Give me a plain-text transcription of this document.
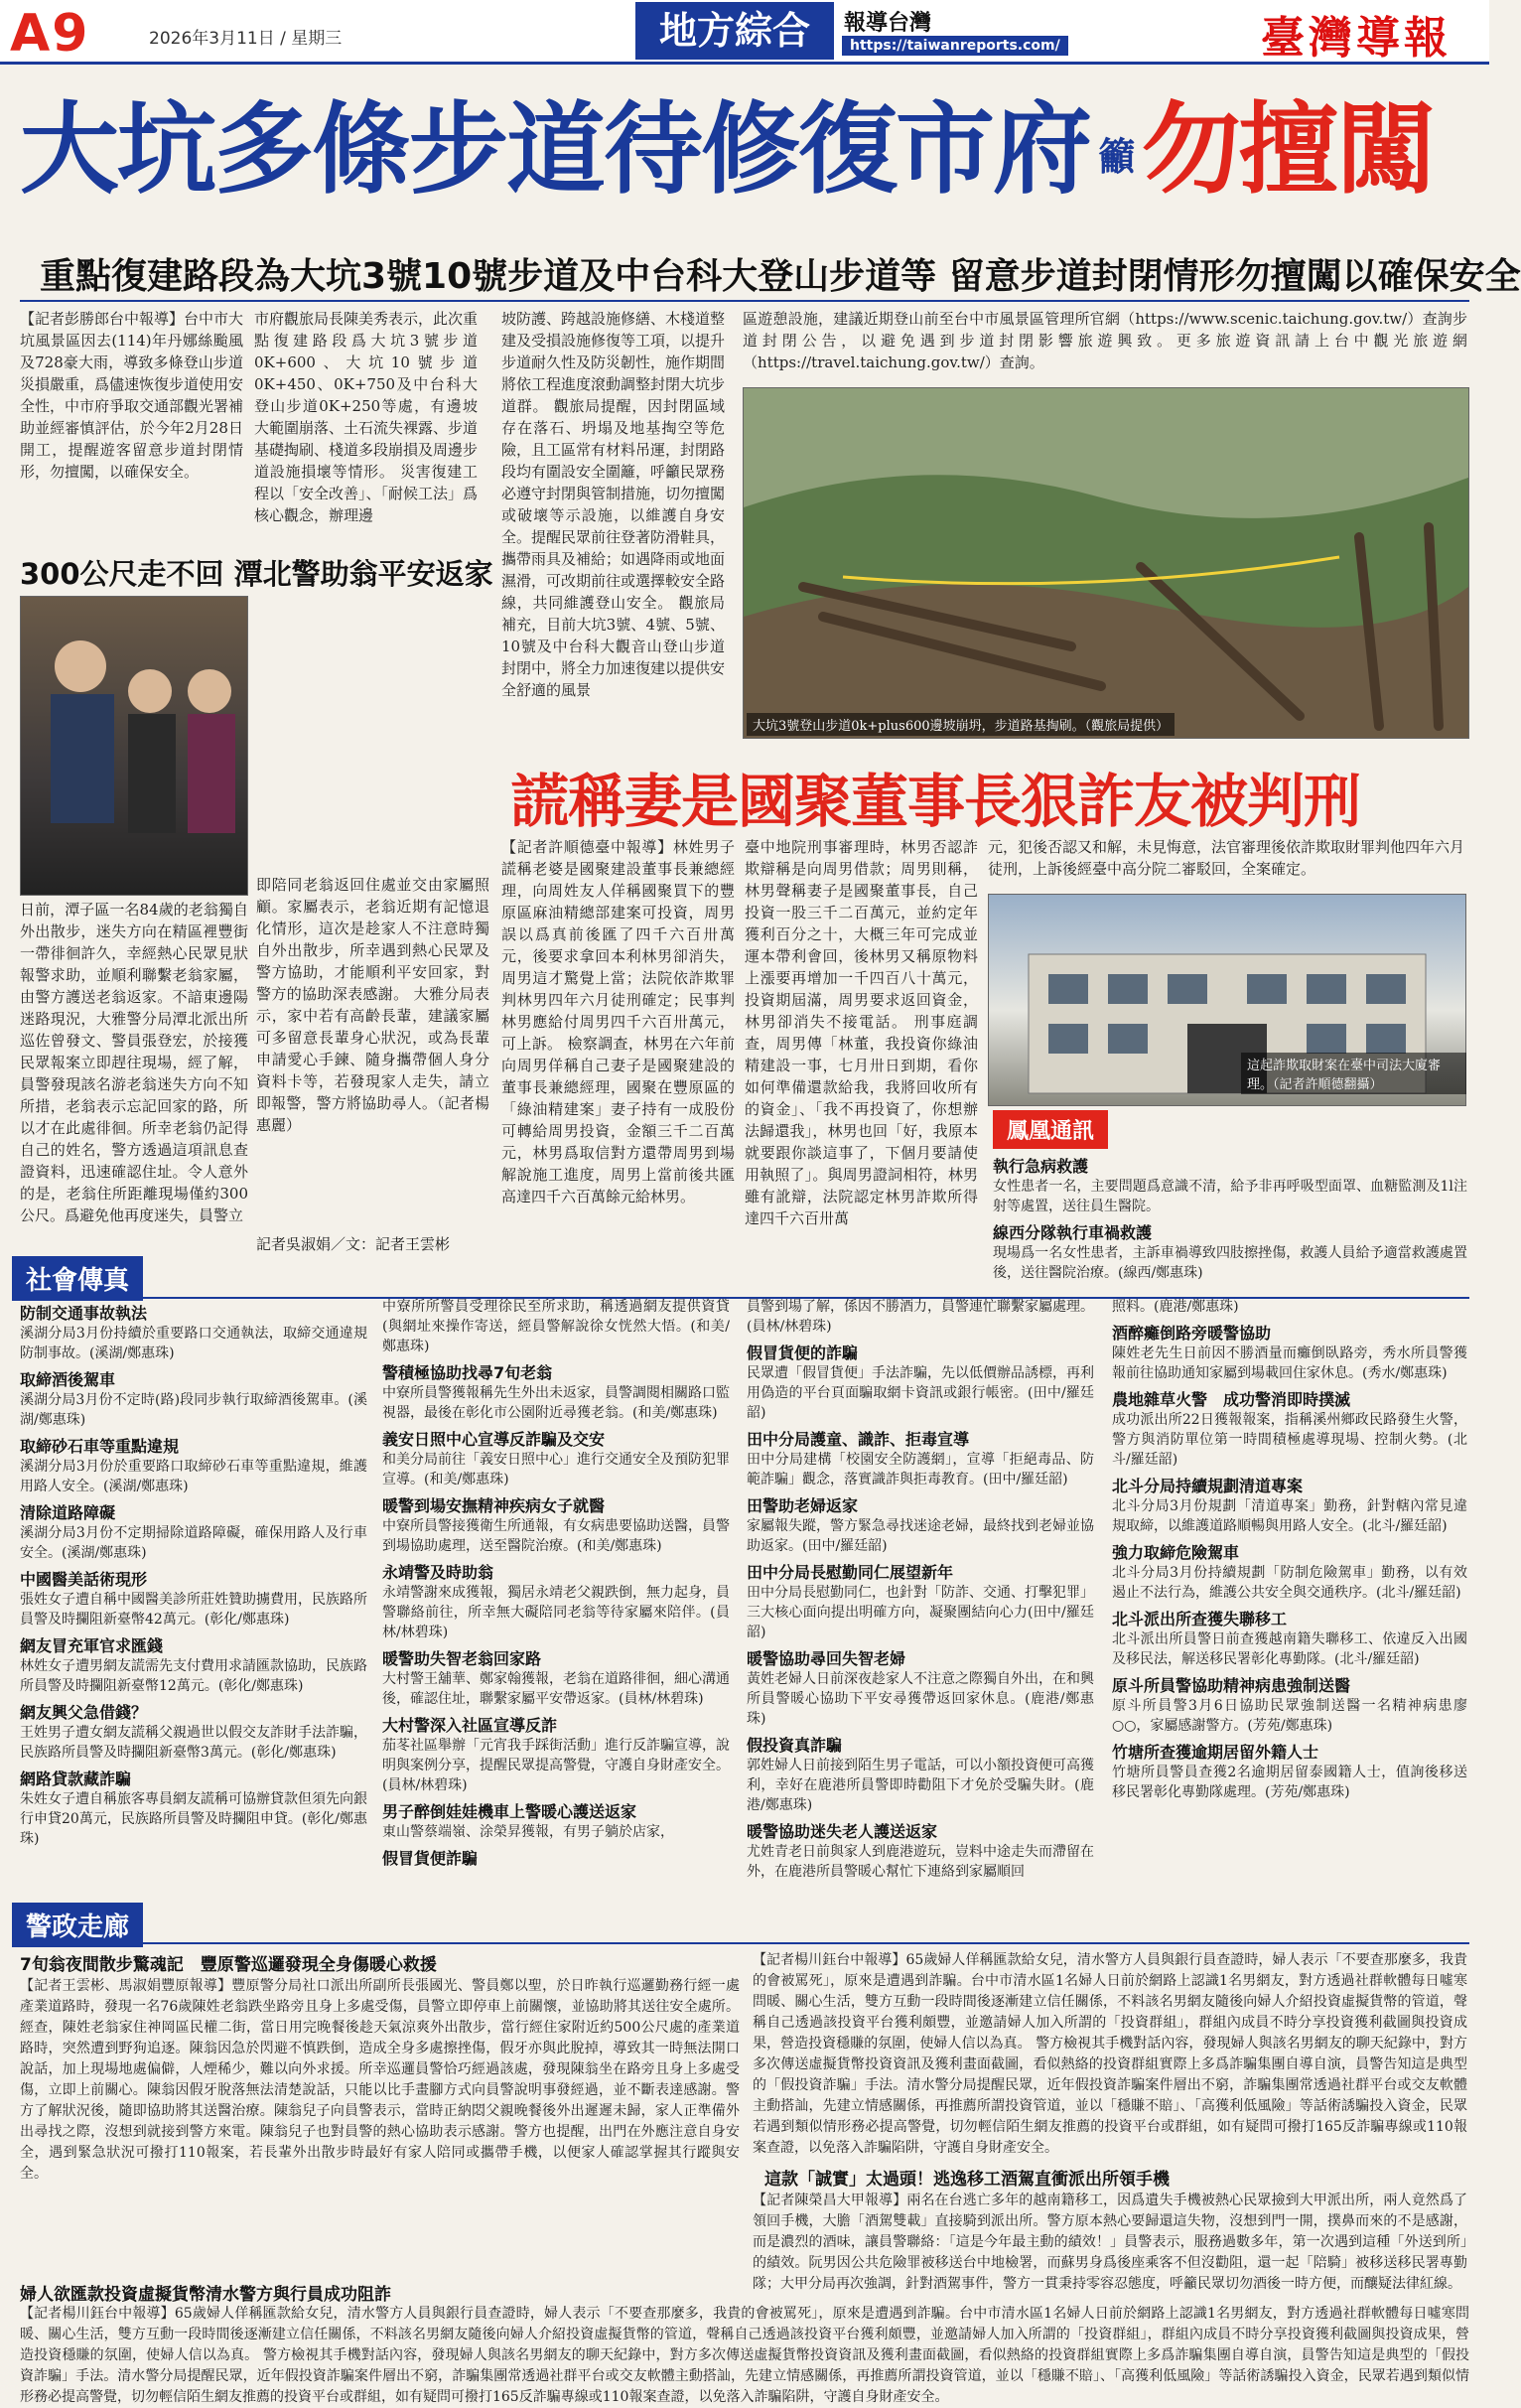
A9	2026年3月11日 / 星期三	地方綜合	報導台灣
https://taiwanreports.com/	臺灣導報
大坑多條步道待修復市府 籲勿擅闖
重點復建路段為大坑3號10號步道及中台科大登山步道等 留意步道封閉情形勿擅闖以確保安全
【記者彭勝郎台中報導】台中市大坑風景區因去(114)年丹娜絲颱風及728豪大雨，導致多條登山步道災損嚴重，爲儘速恢復步道使用安全性，中市府爭取交通部觀光署補助並經審慎評估，於今年2月28日開工，提醒遊客留意步道封閉情形，勿擅闖，以確保安全。
市府觀旅局長陳美秀表示，此次重點復建路段爲大坑3號步道0K+600、大坑10號步道0K+450、0K+750及中台科大登山步道0K+250等處，有邊坡大範圍崩落、土石流失裸露、步道基礎掏刷、棧道多段崩損及周邊步道設施損壞等情形。 災害復建工程以「安全改善」、「耐候工法」爲核心觀念，辦理邊
坡防護、跨越設施修繕、木棧道整建及受損設施修復等工項，以提升步道耐久性及防災韌性，施作期間將依工程進度滾動調整封閉大坑步道群。 觀旅局提醒，因封閉區域存在落石、坍塌及地基掏空等危險，且工區常有材料吊運，封閉路段均有圍設安全圍籬，呼籲民眾務必遵守封閉與管制措施，切勿擅闖或破壞等示設施，以維護自身安全。提醒民眾前往登著防滑鞋具，攜帶雨具及補給；如遇降雨或地面濕滑，可改期前往或選擇較安全路線，共同維護登山安全。 觀旅局補充，目前大坑3號、4號、5號、10號及中台科大觀音山登山步道封閉中，將全力加速復建以提供安全舒適的風景
區遊憩設施，建議近期登山前至台中市風景區管理所官網（https://www.scenic.taichung.gov.tw/）查詢步道封閉公告，以避免遇到步道封閉影響旅遊興致。更多旅遊資訊請上台中觀光旅遊網（https://travel.taichung.gov.tw/）查詢。
大坑3號登山步道0k+plus600邊坡崩坍，步道路基掏刷。（觀旅局提供）
300公尺走不回 潭北警助翁平安返家
日前，潭子區一名84歲的老翁獨自外出散步，迷失方向在精區裡豐街一帶徘徊許久，幸經熱心民眾見狀報警求助，並順利聯繫老翁家屬，由警方護送老翁返家。不諳東邊陽迷路現況，大雅警分局潭北派出所巡佐曾發文、警員張登宏，於接獲民眾報案立即趕往現場，經了解，員警發現該名游老翁迷失方向不知所措，老翁表示忘記回家的路，所以才在此處徘徊。所幸老翁仍記得自己的姓名，警方透過這項訊息查證資料，迅速確認住址。令人意外的是，老翁住所距離現場僅約300公尺。爲避免他再度迷失，員警立
即陪同老翁返回住處並交由家屬照顧。家屬表示，老翁近期有記憶退化情形，這次是趁家人不注意時獨自外出散步，所幸遇到熱心民眾及警方協助，才能順利平安回家，對警方的協助深表感謝。 大雅分局表示，家中若有高齡長輩，建議家屬可多留意長輩身心狀況，或為長輩申請愛心手鍊、隨身攜帶個人身分資料卡等，若發現家人走失，請立即報警，警方將協助尋人。（記者楊惠麗）
記者吳淑娟／文：記者王雲彬
謊稱妻是國聚董事長狠詐友被判刑
【記者許順德臺中報導】林姓男子謊稱老婆是國聚建設董事長兼總經理，向周姓友人佯稱國聚買下的豐原區麻油精總部建案可投資，周男誤以爲真前後匯了四千六百卅萬元，後要求拿回本利林男卻消失，周男這才驚覺上當；法院依詐欺罪判林男四年六月徒刑確定；民事判林男應給付周男四千六百卅萬元，可上訴。 檢察調查，林男在六年前向周男佯稱自己妻子是國聚建設的董事長兼總經理，國聚在豐原區的「綠油精建案」妻子持有一成股份可轉給周男投資，金額三千二百萬元，林男爲取信對方還帶周男到場解說施工進度，周男上當前後共匯高達四千六百萬餘元給林男。
臺中地院刑事審理時，林男否認詐欺辯稱是向周男借款；周男則稱，林男聲稱妻子是國聚董事長，自己投資一股三千二百萬元，並約定年獲利百分之十，大概三年可完成並運本帶利會回，後林男又稱原物料上漲要再增加一千四百八十萬元，投資期屆滿，周男要求返回資金，林男卻消失不接電話。 刑事庭調查，周男傳「林董，我投資你綠油精建設一事，七月卅日到期，看你如何準備還款給我，我將回收所有的資金」、「我不再投資了，你想辦法歸還我」，林男也回「好，我原本就要跟你談這事了，下個月要請使用執照了」。與周男證詞相符，林男雖有訛辯，法院認定林男詐欺所得達四千六百卅萬
元，犯後否認又和解，未見悔意，法官審理後依詐欺取財罪判他四年六月徒刑，上訴後經臺中高分院二審駁回，全案確定。
這起詐欺取財案在臺中司法大廈審理。（記者許順德翻攝）
鳳凰通訊
執行急病救護
女性患者一名，主要問題爲意識不清，給予非再呼吸型面罩、血糖監測及1l注射等處置，送往員生醫院。
線西分隊執行車禍救護
現場爲一名女性患者，主訴車禍導致四肢擦挫傷，救護人員給予適當救護處置後，送往醫院治療。(線西/鄭惠珠)
社會傳真
防制交通事故執法
溪湖分局3月份持續於重要路口交通執法，取締交通違規防制事故。(溪湖/鄭惠珠)
取締酒後駕車
溪湖分局3月份不定時(路)段同步執行取締酒後駕車。(溪湖/鄭惠珠)
取締砂石車等重點違規
溪湖分局3月份於重要路口取締砂石車等重點違規，維護用路人安全。(溪湖/鄭惠珠)
清除道路障礙
溪湖分局3月份不定期掃除道路障礙，確保用路人及行車安全。(溪湖/鄭惠珠)
中國醫美話術現形
張姓女子遭自稱中國醫美診所莊姓贊助擄費用，民族路所員警及時攔阻新臺幣42萬元。(彰化/鄭惠珠)
網友冒充軍官求匯錢
林姓女子遭男網友謊需先支付費用求請匯款協助，民族路所員警及時攔阻新臺幣12萬元。(彰化/鄭惠珠)
網友興父急借錢？
王姓男子遭女網友謊稱父親過世以假交友詐財手法詐騙，民族路所員警及時攔阻新臺幣3萬元。(彰化/鄭惠珠)
網路貸款藏詐騙
朱姓女子遭自稱旅客專員網友謊稱可協辦貸款但須先向銀行申貸20萬元，民族路所員警及時攔阻申貸。(彰化/鄭惠珠)
中寮所所警員受理徐民至所求助，稱透過網友提供資貸(與網址來操作寄送，經員警解說徐女恍然大悟。(和美/鄭惠珠)
警積極協助找尋7旬老翁
中寮所員警獲報稱先生外出未返家，員警調閱相關路口監視器，最後在彰化市公園附近尋獲老翁。(和美/鄭惠珠)
義安日照中心宣導反詐騙及交安
和美分局前往「義安日照中心」進行交通安全及預防犯罪宣導。(和美/鄭惠珠)
暖警到場安撫精神疾病女子就醫
中寮所員警接獲衛生所通報，有女病患要協助送醫，員警到場協助處理，送至醫院治療。(和美/鄭惠珠)
永靖警及時助翁
永靖警謝來成獲報，獨居永靖老父親跌倒，無力起身，員警聯絡前往，所幸無大礙陪同老翁等待家屬來陪伴。(員林/林碧珠)
暖警助失智老翁回家路
大村警王舖華、鄭家翰獲報，老翁在道路徘徊，細心溝通後，確認住址，聯繫家屬平安帶返家。(員林/林碧珠)
大村警深入社區宣導反詐
茄苳社區舉辦「元宵我手踩街活動」進行反詐騙宣導，說明與案例分享，提醒民眾提高警覺，守護自身財產安全。(員林/林碧珠)
男子醉倒娃娃機車上警暖心護送返家
東山警蔡端嶺、涂榮昇獲報，有男子躺於店家，
假冒貨便詐騙
員警到場了解，係因不勝酒力，員警連忙聯繫家屬處理。(員林/林碧珠)
假冒貨便的詐騙
民眾遭「假冒貨便」手法詐騙，先以低價辦品誘標，再利用偽造的平台頁面騙取網卡資訊或銀行帳密。(田中/羅廷韶)
田中分局護童、識詐、拒毒宣導
田中分局建構「校園安全防護網」，宣導「拒絕毒品、防範詐騙」觀念，落實識詐與拒毒教育。(田中/羅廷韶)
田警助老婦返家
家屬報失蹤，警方緊急尋找迷途老婦，最終找到老婦並協助返家。(田中/羅廷韶)
田中分局長慰勤同仁展望新年
田中分局長慰勤同仁，也針對「防詐、交通、打擊犯罪」三大核心面向提出明確方向，凝聚團結向心力(田中/羅廷韶)
暖警協助尋回失智老婦
黃姓老婦人日前深夜趁家人不注意之際獨自外出，在和興所員警暖心協助下平安尋獲帶返回家休息。(鹿港/鄭惠珠)
假投資真詐騙
郭姓婦人日前接到陌生男子電話，可以小額投資便可高獲利，幸好在鹿港所員警即時勸阻下才免於受騙失財。(鹿港/鄭惠珠)
暖警協助迷失老人護送返家
尤姓青老日前與家人到鹿港遊玩，豈料中途走失而滯留在外，在鹿港所員警暖心幫忙下連絡到家屬順回
照料。(鹿港/鄭惠珠)
酒醉癱倒路旁暖警協助
陳姓老先生日前因不勝酒量而癱倒臥路旁，秀水所員警獲報前往協助通知家屬到場載回住家休息。(秀水/鄭惠珠)
農地雜草火警　成功警消即時撲滅
成功派出所22日獲報報案，指稱溪州鄉政民路發生火警，警方與消防單位第一時間積極處導現場、控制火勢。(北斗/羅廷韶)
北斗分局持續規劃清道專案
北斗分局3月份規劃「清道專案」勤務，針對轄內常見違規取締，以維護道路順暢與用路人安全。(北斗/羅廷韶)
強力取締危險駕車
北斗分局3月份持續規劃「防制危險駕車」勤務，以有效遏止不法行為，維護公共安全與交通秩序。(北斗/羅廷韶)
北斗派出所查獲失聯移工
北斗派出所員警日前查獲越南籍失聯移工、依違反入出國及移民法，解送移民署彰化專勤隊。(北斗/羅廷韶)
原斗所員警協助精神病患強制送醫
原斗所員警3月6日協助民眾強制送醫一名精神病患廖○○，家屬感謝警方。(芳苑/鄭惠珠)
竹塘所查獲逾期居留外籍人士
竹塘所員警員查獲2名逾期居留泰國籍人士，值詢後移送移民署彰化專勤隊處理。(芳苑/鄭惠珠)
警政走廊
7旬翁夜間散步驚魂記　豐原警巡邏發現全身傷暖心救援
【記者王雲彬、馬淑娟豐原報導】豐原警分局社口派出所副所長張國光、警員鄭以聖，於日昨執行巡邏勤務行經一處產業道路時，發現一名76歲陳姓老翁跌坐路旁且身上多處受傷，員警立即停車上前關懷，並協助將其送往安全處所。經查，陳姓老翁家住神岡區民權二街，當日用完晚餐後趁天氣涼爽外出散步，當行經住家附近約500公尺處的產業道路時，突然遭到野狗追逐。陳翁因急於閃避不慎跌倒，造成全身多處擦挫傷，假牙亦與此脫掉，導致其一時無法開口說話，加上現場地處偏僻，人煙稀少，難以向外求援。所幸巡邏員警恰巧經過該處，發現陳翁坐在路旁且身上多處受傷，立即上前關心。陳翁因假牙脫落無法清楚說話，只能以比手畫腳方式向員警說明事發經過，並不斷表達感謝。警方了解狀況後，隨即協助將其送醫治療。陳翁兒子向員警表示，當時正納悶父親晚餐後外出遲遲未歸，家人正準備外出尋找之際，沒想到就接到警方來電。陳翁兒子也對員警的熱心協助表示感謝。警方也提醒，出門在外應注意自身安全，遇到緊急狀況可撥打110報案，若長輩外出散步時最好有家人陪同或攜帶手機，以便家人確認掌握其行蹤與安全。
婦人欲匯款投資虛擬貨幣清水警方與行員成功阻詐
【記者楊川鈺台中報導】65歲婦人佯稱匯款給女兒，清水警方人員與銀行員查證時，婦人表示「不要查那麼多，我貴的會被罵死」，原來是遭遇到詐騙。台中市清水區1名婦人日前於網路上認識1名男網友，對方透過社群軟體每日噓寒問暖、關心生活，雙方互動一段時間後逐漸建立信任關係，不料該名男網友隨後向婦人介紹投資虛擬貨幣的管道，聲稱自己透過該投資平台獲利頗豐，並邀請婦人加入所謂的「投資群組」，群組內成員不時分享投資獲利截圖與投資成果，營造投資穩賺的氛圍，使婦人信以為真。 警方檢視其手機對話內容，發現婦人與該名男網友的聊天紀錄中，對方多次傳送虛擬貨幣投資資訊及獲利畫面截圖，看似熱絡的投資群組實際上多爲詐騙集團自導自演，員警告知這是典型的「假投資詐騙」手法。清水警分局提醒民眾，近年假投資詐騙案件層出不窮，詐騙集團常透過社群平台或交友軟體主動搭訕，先建立情感關係，再推薦所謂投資管道，並以「穩賺不賠」、「高獲利低風險」等話術誘騙投入資金，民眾若遇到類似情形務必提高警覺，切勿輕信陌生網友推薦的投資平台或群組，如有疑問可撥打165反詐騙專線或110報案查證，以免落入詐騙陷阱，守護自身財產安全。
【記者楊川鈺台中報導】65歲婦人佯稱匯款給女兒，清水警方人員與銀行員查證時，婦人表示「不要查那麼多，我貴的會被罵死」，原來是遭遇到詐騙。台中市清水區1名婦人日前於網路上認識1名男網友，對方透過社群軟體每日噓寒問暖、關心生活，雙方互動一段時間後逐漸建立信任關係，不料該名男網友隨後向婦人介紹投資虛擬貨幣的管道，聲稱自己透過該投資平台獲利頗豐，並邀請婦人加入所謂的「投資群組」，群組內成員不時分享投資獲利截圖與投資成果，營造投資穩賺的氛圍，使婦人信以為真。 警方檢視其手機對話內容，發現婦人與該名男網友的聊天紀錄中，對方多次傳送虛擬貨幣投資資訊及獲利畫面截圖，看似熱絡的投資群組實際上多爲詐騙集團自導自演，員警告知這是典型的「假投資詐騙」手法。清水警分局提醒民眾，近年假投資詐騙案件層出不窮，詐騙集團常透過社群平台或交友軟體主動搭訕，先建立情感關係，再推薦所謂投資管道，並以「穩賺不賠」、「高獲利低風險」等話術誘騙投入資金，民眾若遇到類似情形務必提高警覺，切勿輕信陌生網友推薦的投資平台或群組，如有疑問可撥打165反詐騙專線或110報案查證，以免落入詐騙陷阱，守護自身財產安全。
這款「誠實」太過頭！逃逸移工酒駕直衝派出所領手機
【記者陳榮昌大甲報導】兩名在台逃亡多年的越南籍移工，因爲遺失手機被熱心民眾撿到大甲派出所，兩人竟然爲了領回手機，大膽「酒駕雙載」直接騎到派出所。警方原本熱心要歸還這失物，沒想到門一開，撲鼻而來的不是感謝，而是濃烈的酒味，讓員警聯絡：「這是今年最主動的績效！」員警表示，服務過數多年，第一次遇到這種「外送到所」的績效。阮男因公共危險罪被移送台中地檢署，而蘇男身爲後座乘客不但沒勸阻，還一起「陪騎」被移送移民署專勤隊；大甲分局再次強調，針對酒駕事件，警方一貫秉持零容忍態度，呼籲民眾切勿酒後一時方便，而釀疑法律紅線。
